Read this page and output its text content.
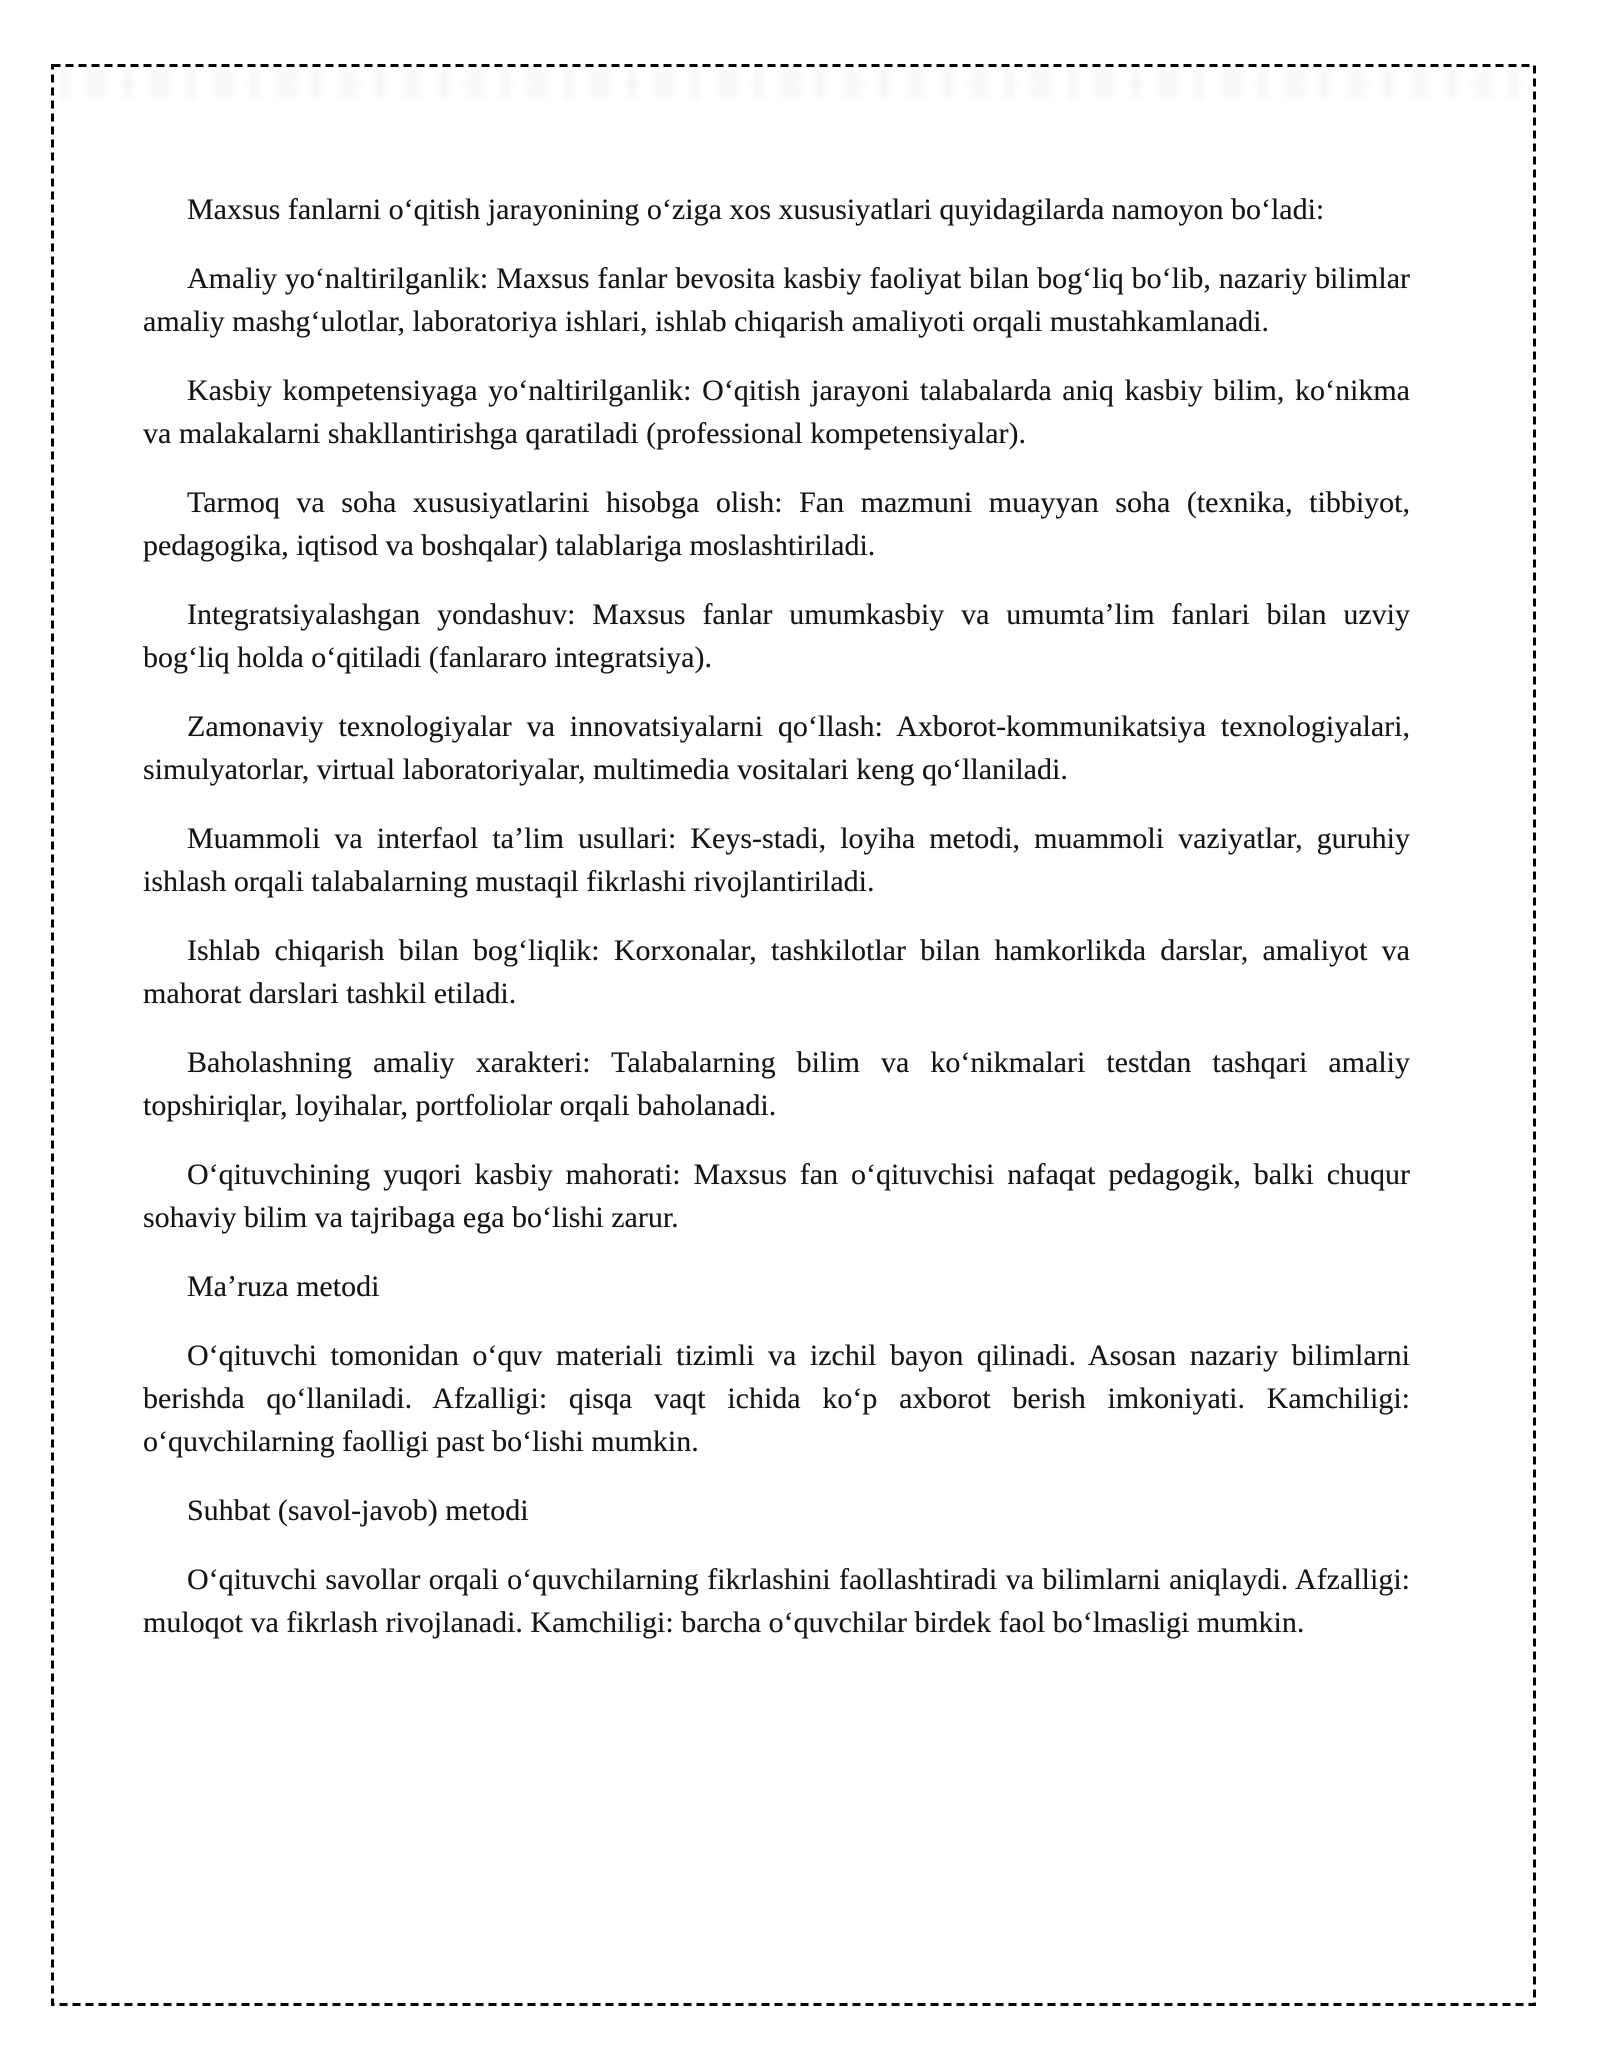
Maxsus fanlarni oʻqitish jarayonining oʻziga xos xususiyatlari quyidagilarda namoyon boʻladi:

Amaliy yoʻnaltirilganlik: Maxsus fanlar bevosita kasbiy faoliyat bilan bogʻliq boʻlib, nazariy bilimlar amaliy mashgʻulotlar, laboratoriya ishlari, ishlab chiqarish amaliyoti orqali mustahkamlanadi.

Kasbiy kompetensiyaga yoʻnaltirilganlik: Oʻqitish jarayoni talabalarda aniq kasbiy bilim, koʻnikma va malakalarni shakllantirishga qaratiladi (professional kompetensiyalar).

Tarmoq va soha xususiyatlarini hisobga olish: Fan mazmuni muayyan soha (texnika, tibbiyot, pedagogika, iqtisod va boshqalar) talablariga moslashtiriladi.

Integratsiyalashgan yondashuv: Maxsus fanlar umumkasbiy va umumtaʼlim fanlari bilan uzviy bogʻliq holda oʻqitiladi (fanlararo integratsiya).

Zamonaviy texnologiyalar va innovatsiyalarni qoʻllash: Axborot-kommunikatsiya texnologiyalari, simulyatorlar, virtual laboratoriyalar, multimedia vositalari keng qoʻllaniladi.

Muammoli va interfaol taʼlim usullari: Keys-stadi, loyiha metodi, muammoli vaziyatlar, guruhiy ishlash orqali talabalarning mustaqil fikrlashi rivojlantiriladi.

Ishlab chiqarish bilan bogʻliqlik: Korxonalar, tashkilotlar bilan hamkorlikda darslar, amaliyot va mahorat darslari tashkil etiladi.

Baholashning amaliy xarakteri: Talabalarning bilim va koʻnikmalari testdan tashqari amaliy topshiriqlar, loyihalar, portfoliolar orqali baholanadi.

Oʻqituvchining yuqori kasbiy mahorati: Maxsus fan oʻqituvchisi nafaqat pedagogik, balki chuqur sohaviy bilim va tajribaga ega boʻlishi zarur.

Maʼruza metodi

Oʻqituvchi tomonidan oʻquv materiali tizimli va izchil bayon qilinadi. Asosan nazariy bilimlarni berishda qoʻllaniladi. Afzalligi: qisqa vaqt ichida koʻp axborot berish imkoniyati. Kamchiligi: oʻquvchilarning faolligi past boʻlishi mumkin.

Suhbat (savol-javob) metodi

Oʻqituvchi savollar orqali oʻquvchilarning fikrlashini faollashtiradi va bilimlarni aniqlaydi. Afzalligi: muloqot va fikrlash rivojlanadi. Kamchiligi: barcha oʻquvchilar birdek faol boʻlmasligi mumkin.
